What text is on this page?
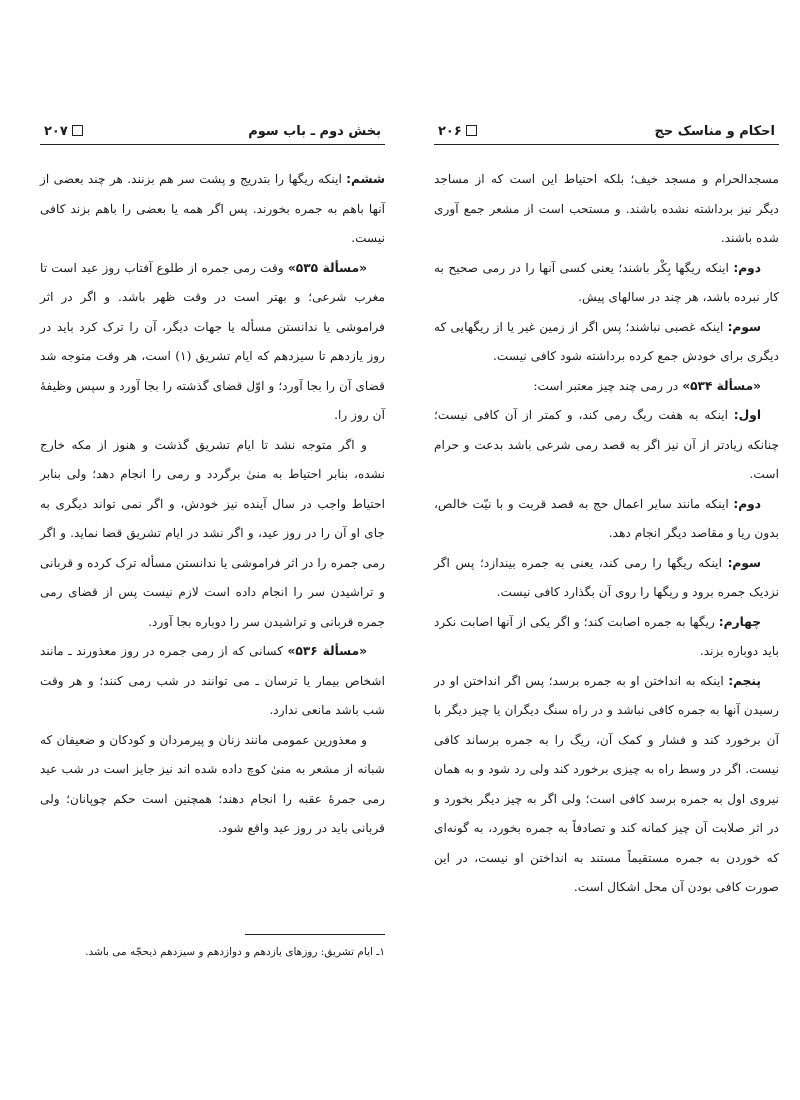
بخش دوم ـ باب سوم
۲۰۷

ششم: اینکه ریگها را بتدریج و پشت سر هم بزنند. هر چند بعضی از آنها باهم به جمره بخورند. پس اگر همه یا بعضی را باهم بزند کافی نیست.

«مسألة ۵۳۵» وقت رمی جمره از طلوع آفتاب روز عید است تا مغرب شرعی؛ و بهتر است در وقت ظهر باشد. و اگر در اثر فراموشی یا ندانستن مسأله یا جهات دیگر، آن را ترک کرد باید در روز یازدهم تا سیزدهم که ایام تشریق (۱) است، هر وقت متوجه شد قضای آن را بجا آورد؛ و اوّل قضای گذشته را بجا آورد و سپس وظیفهٔ آن روز را.

و اگر متوجه نشد تا ایام تشریق گذشت و هنوز از مکه خارج نشده، بنابر احتیاط به منیٰ برگردد و رمی را انجام دهد؛ ولی بنابر احتیاط واجب در سال آینده نیز خودش، و اگر نمی تواند دیگری به جای او آن را در روز عید، و اگر نشد در ایام تشریق قضا نماید. و اگر رمی جمره را در اثر فراموشی یا ندانستن مسأله ترک کرده و قربانی و تراشیدن سر را انجام داده است لازم نیست پس از قضای رمی جمره قربانی و تراشیدن سر را دوباره بجا آورد.

«مسألة ۵۳۶» کسانی که از رمی جمره در روز معذورند ـ مانند اشخاص بیمار یا ترسان ـ می توانند در شب رمی کنند؛ و هر وقت شب باشد مانعی ندارد.

و معذورین عمومی مانند زنان و پیرمردان و کودکان و ضعیفان که شبانه از مشعر به منیٰ کوچ داده شده اند نیز جایز است در شب عید رمی جمرهٔ عقبه را انجام دهند؛ همچنین است حکم چوپانان؛ ولی قربانی باید در روز عید واقع شود.

۱ـ ایام تشریق: روزهای یازدهم و دوازدهم و سیزدهم ذیحجّه می باشد.
احکام و مناسک حج
۲۰۶

مسجدالحرام و مسجد خیف؛ بلکه احتیاط این است که از مساجد دیگر نیز برداشته نشده باشند. و مستحب است از مشعر جمع آوری شده باشند.

دوم: اینکه ریگها بِکْر باشند؛ یعنی کسی آنها را در رمی صحیح به کار نبرده باشد، هر چند در سالهای پیش.

سوم: اینکه غصبی نباشند؛ پس اگر از زمین غیر یا از ریگهایی که دیگری برای خودش جمع کرده برداشته شود کافی نیست.

«مسألة ۵۳۴» در رمی چند چیز معتبر است:

اول: اینکه به هفت ریگ رمی کند، و کمتر از آن کافی نیست؛ چنانکه زیادتر از آن نیز اگر به قصد رمی شرعی باشد بدعت و حرام است.

دوم: اینکه مانند سایر اعمال حج به قصد قربت و با نیّت خالص، بدون ریا و مقاصد دیگر انجام دهد.

سوم: اینکه ریگها را رمی کند، یعنی به جمره بیندازد؛ پس اگر نزدیک جمره برود و ریگها را روی آن بگذارد کافی نیست.

چهارم: ریگها به جمره اصابت کند؛ و اگر یکی از آنها اصابت نکرد باید دوباره بزند.

پنجم: اینکه به انداختن او به جمره برسد؛ پس اگر انداختن او در رسیدن آنها به جمره کافی نباشد و در راه سنگ دیگران یا چیز دیگر با آن برخورد کند و فشار و کمک آن، ریگ را به جمره برساند کافی نیست. اگر در وسط راه به چیزی برخورد کند ولی رد شود و به همان نیروی اول به جمره برسد کافی است؛ ولی اگر به چیز دیگر بخورد و در اثر صلابت آن چیز کمانه کند و تصادفاً به جمره بخورد، به گونه‌ای که خوردن به جمره مستقیماً مستند به انداختن او نیست، در این صورت کافی بودن آن محل اشکال است.
